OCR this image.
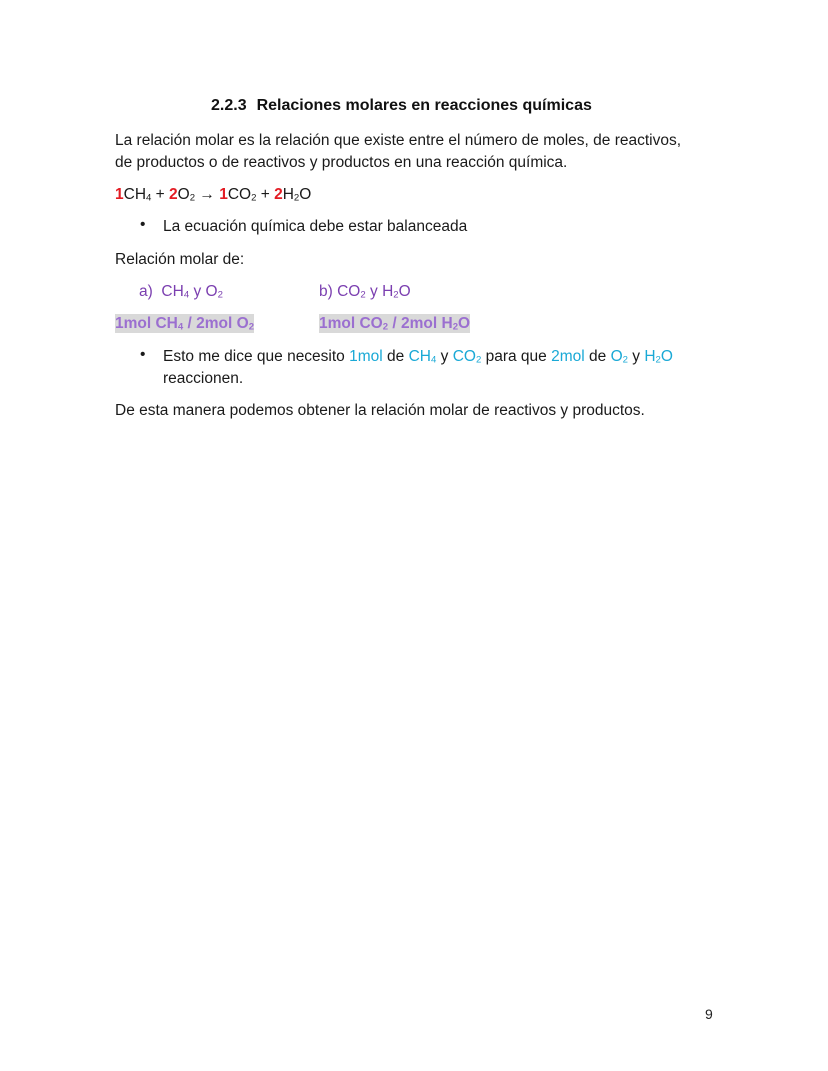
2.2.3 Relaciones molares en reacciones químicas
La relación molar es la relación que existe entre el número de moles, de reactivos,
de productos o de reactivos y productos en una reacción química.
$1CH_4 + 2O_2 \to 1CO_2 + 2H_2O$
• La ecuación química debe estar balanceada
Relación molar de:
a) $CH_4$ y $O_2$	b) $CO_2$ y $H_2O$
1mol $CH_4 / 2mol$ $O_2$	1mol $CO_2 / 2mol$ $H_2O$
• Esto me dice que necesito 1mol de $CH_4$ y $CO_2$ para que 2mol de $O_2$ y $H_2O$
reaccionen.
De esta manera podemos obtener la relación molar de reactivos y productos.
9
